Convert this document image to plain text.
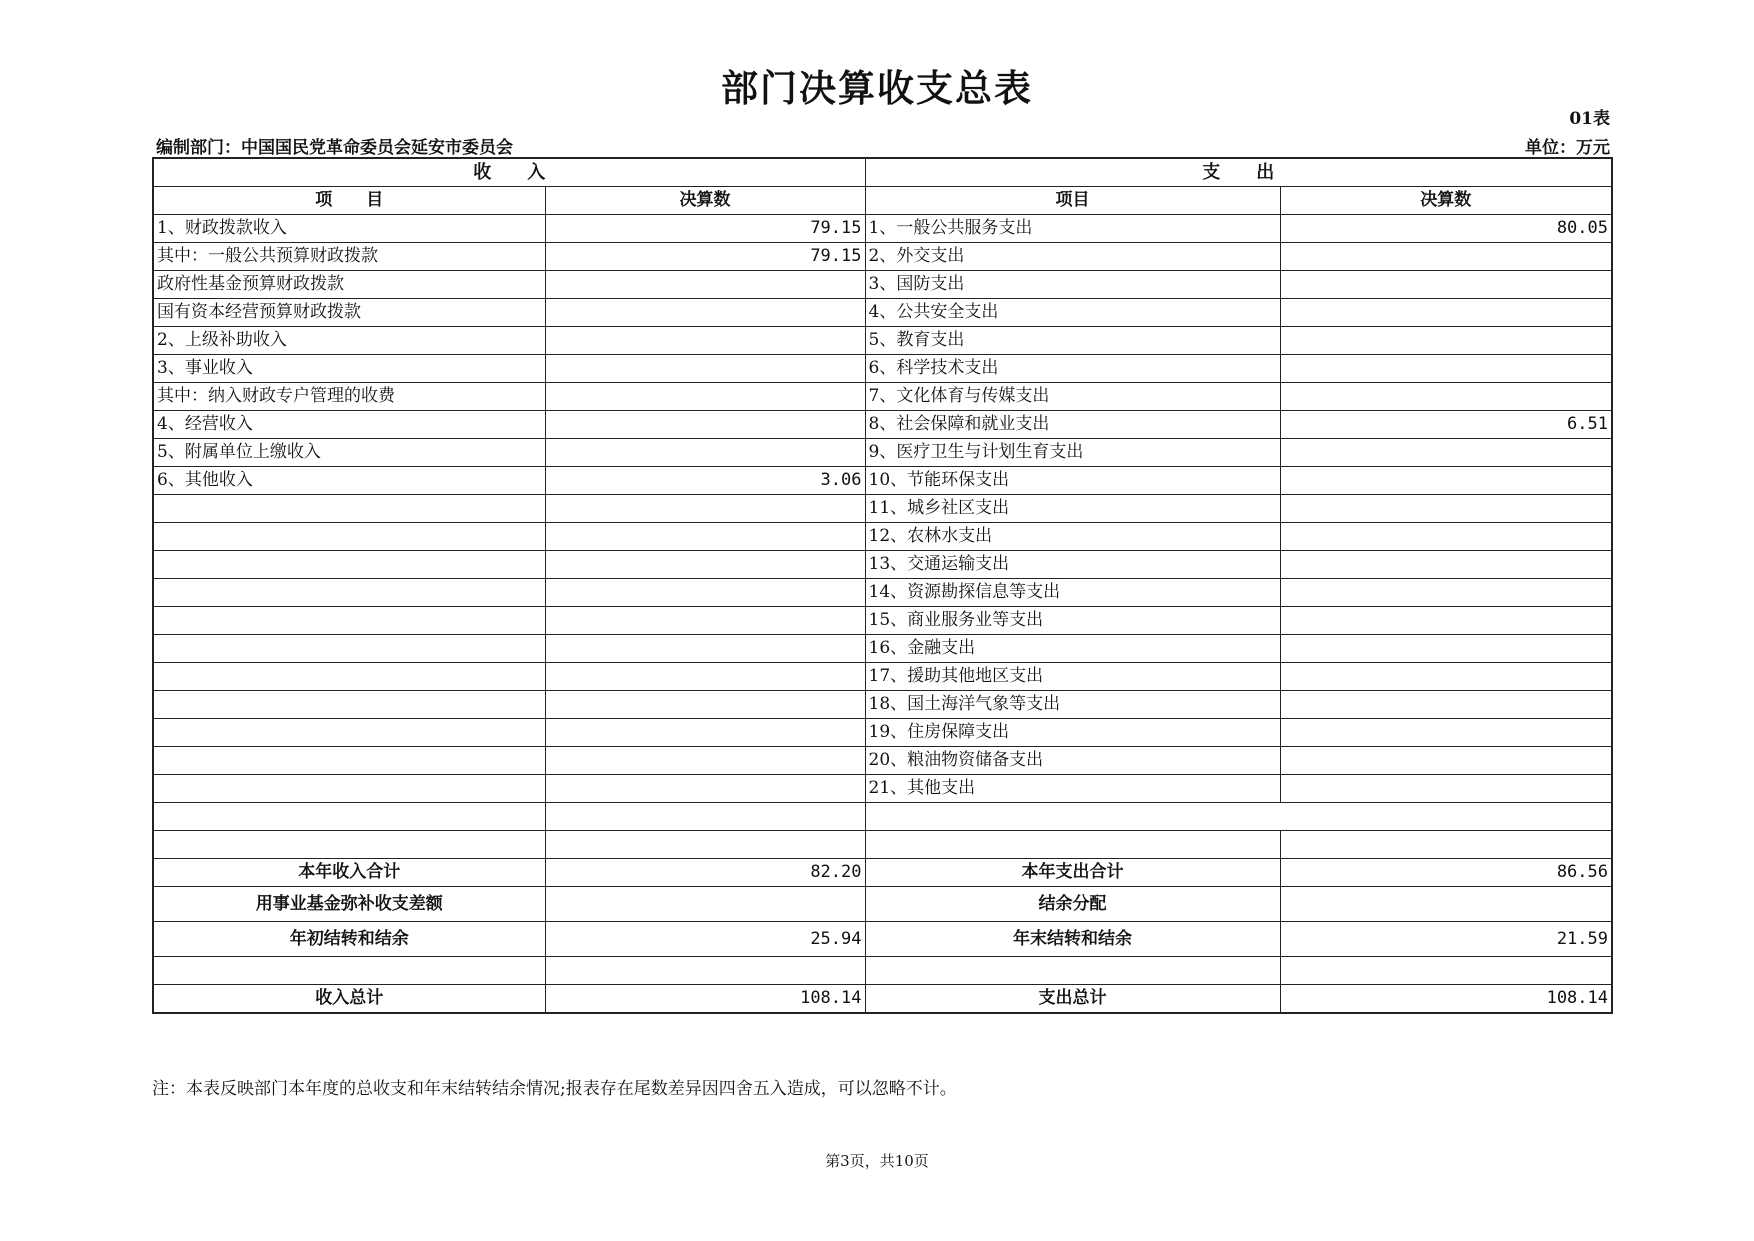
部门决算收支总表
01表
编制部门：中国国民党革命委员会延安市委员会	单位：万元
收　　入		支　　出	
项　　目	决算数	项目	决算数
1、财政拨款收入	79.15	1、一般公共服务支出	80.05
其中：一般公共预算财政拨款	79.15	2、外交支出	
政府性基金预算财政拨款		3、国防支出	
国有资本经营预算财政拨款		4、公共安全支出	
2、上级补助收入		5、教育支出	
3、事业收入		6、科学技术支出	
其中：纳入财政专户管理的收费		7、文化体育与传媒支出	
4、经营收入		8、社会保障和就业支出	6.51
5、附属单位上缴收入		9、医疗卫生与计划生育支出	
6、其他收入	3.06	10、节能环保支出	
		11、城乡社区支出	
		12、农林水支出	
		13、交通运输支出	
		14、资源勘探信息等支出	
		15、商业服务业等支出	
		16、金融支出	
		17、援助其他地区支出	
		18、国土海洋气象等支出	
		19、住房保障支出	
		20、粮油物资储备支出	
		21、其他支出	

本年收入合计	82.20	本年支出合计	86.56
用事业基金弥补收支差额		结余分配	
年初结转和结余	25.94	年末结转和结余	21.59

收入总计	108.14	支出总计	108.14
注：本表反映部门本年度的总收支和年末结转结余情况;报表存在尾数差异因四舍五入造成，可以忽略不计。
第3页，共10页
